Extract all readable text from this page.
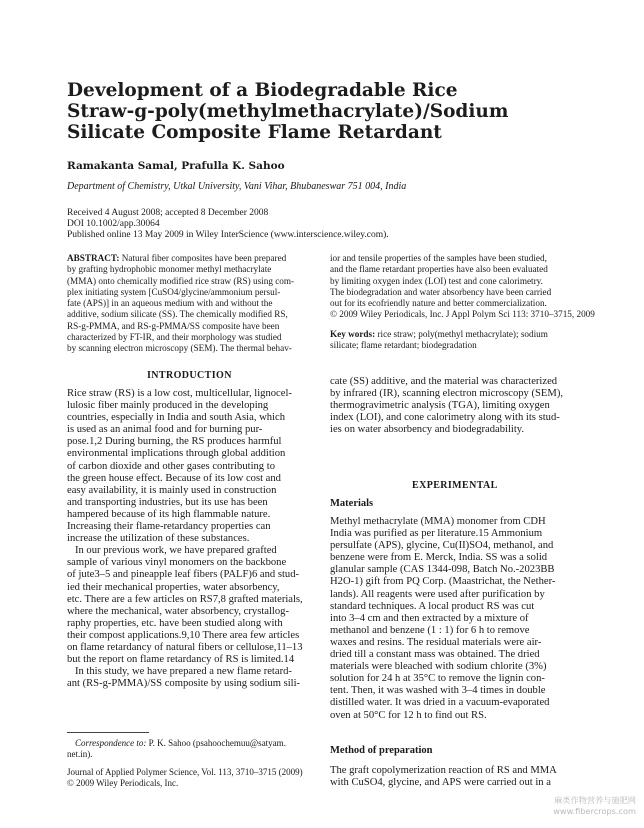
Development of a Biodegradable Rice
Straw-g-poly(methylmethacrylate)/Sodium
Silicate Composite Flame Retardant
Ramakanta Samal, Prafulla K. Sahoo
Department of Chemistry, Utkal University, Vani Vihar, Bhubaneswar 751 004, India
Received 4 August 2008; accepted 8 December 2008
DOI 10.1002/app.30064
Published online 13 May 2009 in Wiley InterScience (www.interscience.wiley.com).
ABSTRACT: Natural fiber composites have been prepared
by grafting hydrophobic monomer methyl methacrylate
(MMA) onto chemically modified rice straw (RS) using com-
plex initiating system [CuSO4/glycine/ammonium persul-
fate (APS)] in an aqueous medium with and without the
additive, sodium silicate (SS). The chemically modified RS,
RS-g-PMMA, and RS-g-PMMA/SS composite have been
characterized by FT-IR, and their morphology was studied
by scanning electron microscopy (SEM). The thermal behav-
ior and tensile properties of the samples have been studied,
and the flame retardant properties have also been evaluated
by limiting oxygen index (LOI) test and cone calorimetry.
The biodegradation and water absorbency have been carried
out for its ecofriendly nature and better commercialization.
© 2009 Wiley Periodicals, Inc. J Appl Polym Sci 113: 3710–3715, 2009
Key words: rice straw; poly(methyl methacrylate); sodium
silicate; flame retardant; biodegradation
INTRODUCTION
Rice straw (RS) is a low cost, multicellular, lignocel-
lulosic fiber mainly produced in the developing
countries, especially in India and south Asia, which
is used as an animal food and for burning pur-
pose.1,2 During burning, the RS produces harmful
environmental implications through global addition
of carbon dioxide and other gases contributing to
the green house effect. Because of its low cost and
easy availability, it is mainly used in construction
and transporting industries, but its use has been
hampered because of its high flammable nature.
Increasing their flame-retardancy properties can
increase the utilization of these substances.
In our previous work, we have prepared grafted
sample of various vinyl monomers on the backbone
of jute3–5 and pineapple leaf fibers (PALF)6 and stud-
ied their mechanical properties, water absorbency,
etc. There are a few articles on RS7,8 grafted materials,
where the mechanical, water absorbency, crystallog-
raphy properties, etc. have been studied along with
their compost applications.9,10 There area few articles
on flame retardancy of natural fibers or cellulose,11–13
but the report on flame retardancy of RS is limited.14
In this study, we have prepared a new flame retard-
ant (RS-g-PMMA)/SS composite by using sodium sili-
cate (SS) additive, and the material was characterized
by infrared (IR), scanning electron microscopy (SEM),
thermogravimetric analysis (TGA), limiting oxygen
index (LOI), and cone calorimetry along with its stud-
ies on water absorbency and biodegradability.
EXPERIMENTAL
Materials
Methyl methacrylate (MMA) monomer from CDH
India was purified as per literature.15 Ammonium
persulfate (APS), glycine, Cu(II)SO4, methanol, and
benzene were from E. Merck, India. SS was a solid
glanular sample (CAS 1344-098, Batch No.-2023BB
H2O-1) gift from PQ Corp. (Maastrichat, the Nether-
lands). All reagents were used after purification by
standard techniques. A local product RS was cut
into 3–4 cm and then extracted by a mixture of
methanol and benzene (1 : 1) for 6 h to remove
waxes and resins. The residual materials were air-
dried till a constant mass was obtained. The dried
materials were bleached with sodium chlorite (3%)
solution for 24 h at 35°C to remove the lignin con-
tent. Then, it was washed with 3–4 times in double
distilled water. It was dried in a vacuum-evaporated
oven at 50°C for 12 h to find out RS.
Method of preparation
The graft copolymerization reaction of RS and MMA
with CuSO4, glycine, and APS were carried out in a
Correspondence to: P. K. Sahoo (psahoochemuu@satyam.
net.in).
Journal of Applied Polymer Science, Vol. 113, 3710–3715 (2009)
© 2009 Wiley Periodicals, Inc.
麻类作物营养与施肥网
www.fibercrops.com
